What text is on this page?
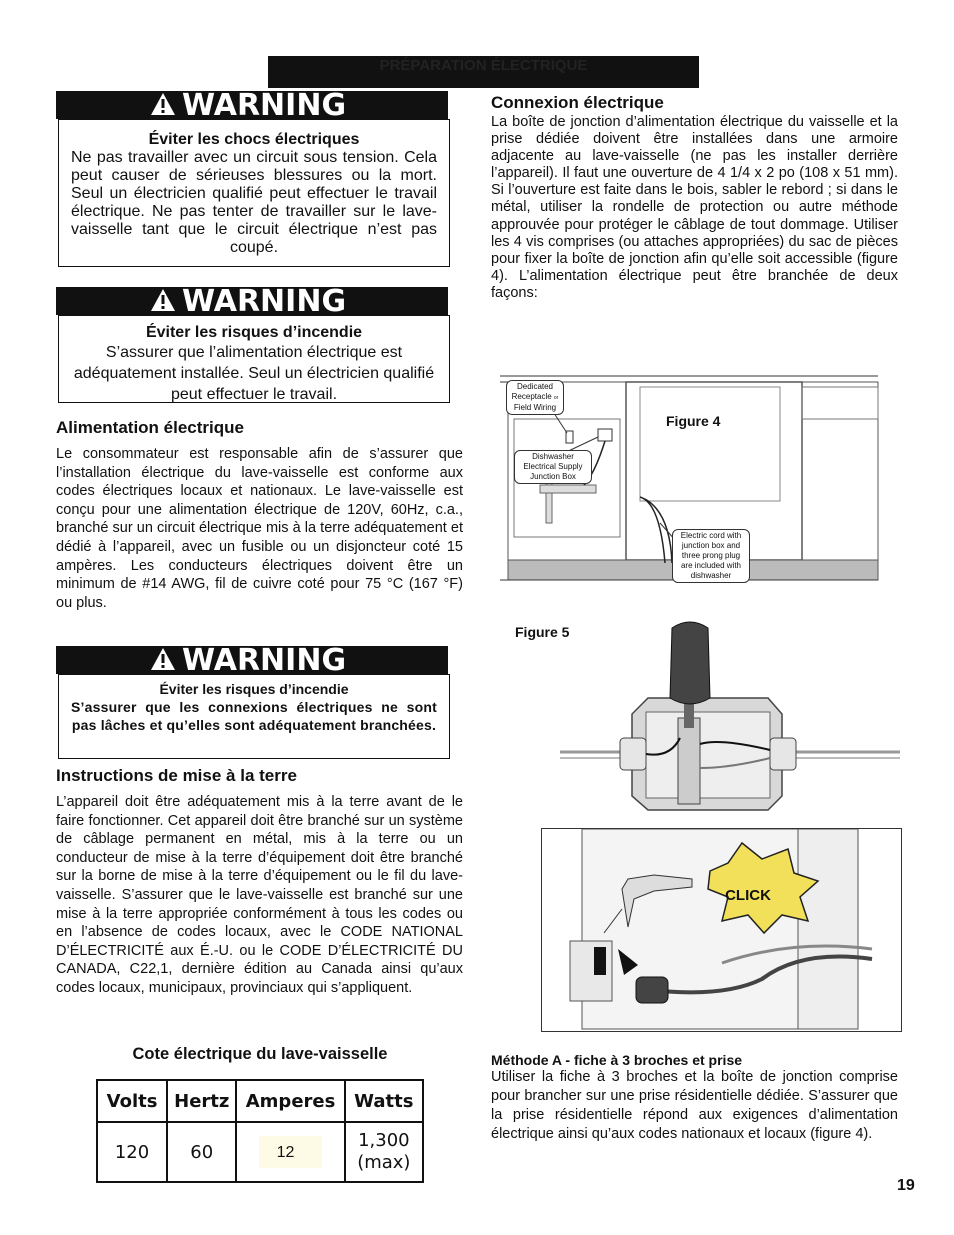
PRÉPARATION ÉLECTRIQUE
WARNING
Éviter les chocs électriques
Ne pas travailler avec un circuit sous tension. Cela peut causer de sérieuses blessures ou la mort. Seul un électricien qualifié peut effectuer le travail électrique. Ne pas tenter de travailler sur le lave-vaisselle tant que le circuit électrique n’est pas coupé.
WARNING
Éviter les risques d’incendie
S’assurer que l’alimentation électrique est adéquatement installée. Seul un électricien qualifié peut effectuer le travail.
Alimentation électrique
Le consommateur est responsable afin de s’assurer que l’installation électrique du lave-vaisselle est conforme aux codes électriques locaux et nationaux. Le lave-vaisselle est conçu pour une alimentation électrique de 120V, 60Hz, c.a., branché sur un circuit électrique mis à la terre adéquatement et dédié à l’appareil, avec un fusible ou un disjoncteur coté 15 ampères. Les conducteurs électriques doivent être un minimum de #14 AWG, fil de cuivre coté pour 75 °C (167 °F) ou plus.
WARNING
Éviter les risques d’incendie
S’assurer que les connexions électriques ne sont pas lâches et qu’elles sont adéquatement branchées.
Instructions de mise à la terre
L’appareil doit être adéquatement mis à la terre avant de le faire fonctionner. Cet appareil doit être branché sur un système de câblage permanent en métal, mis à la terre ou un conducteur de mise à la terre d’équipement doit être branché sur la borne de mise à la terre d’équipement ou le fil du lave-vaisselle. S’assurer que le lave-vaisselle est branché sur une mise à la terre appropriée conformément à tous les codes ou en l’absence de codes locaux, avec le CODE NATIONAL D’ÉLECTRICITÉ aux É.-U. ou le CODE D’ÉLECTRICITÉ DU CANADA, C22,1, dernière édition au Canada ainsi qu’aux codes locaux, municipaux, provinciaux qui s’appliquent.
Cote électrique du lave-vaisselle
Volts	Hertz	Amperes	Watts
120	60	12	1,300 (max)
Connexion électrique
La boîte de jonction d’alimentation électrique du vaisselle et la prise dédiée doivent être installées dans une armoire adjacente au lave-vaisselle (ne pas les installer derrière l’appareil). Il faut une ouverture de 4 1/4 x 2 po (108 x 51 mm). Si l’ouverture est faite dans le bois, sabler le rebord ; si dans le métal, utiliser la rondelle de protection ou autre méthode approuvée pour protéger le câblage de tout dommage. Utiliser les 4 vis comprises (ou attaches appropriées) du sac de pièces pour fixer la boîte de jonction afin qu’elle soit accessible (figure 4). L’alimentation électrique peut être branchée de deux façons:
Dedicated
Receptacle or
Field Wiring
Dishwasher Electrical Supply Junction Box
Electric cord with junction box and three prong plug are included with dishwasher
Figure 4
Figure 5
CLICK
Méthode A - fiche à 3 broches et prise
Utiliser la fiche à 3 broches et la boîte de jonction comprise pour brancher sur une prise résidentielle dédiée. S’assurer que la prise résidentielle répond aux exigences d’alimentation électrique ainsi qu’aux codes nationaux et locaux (figure 4).
19
